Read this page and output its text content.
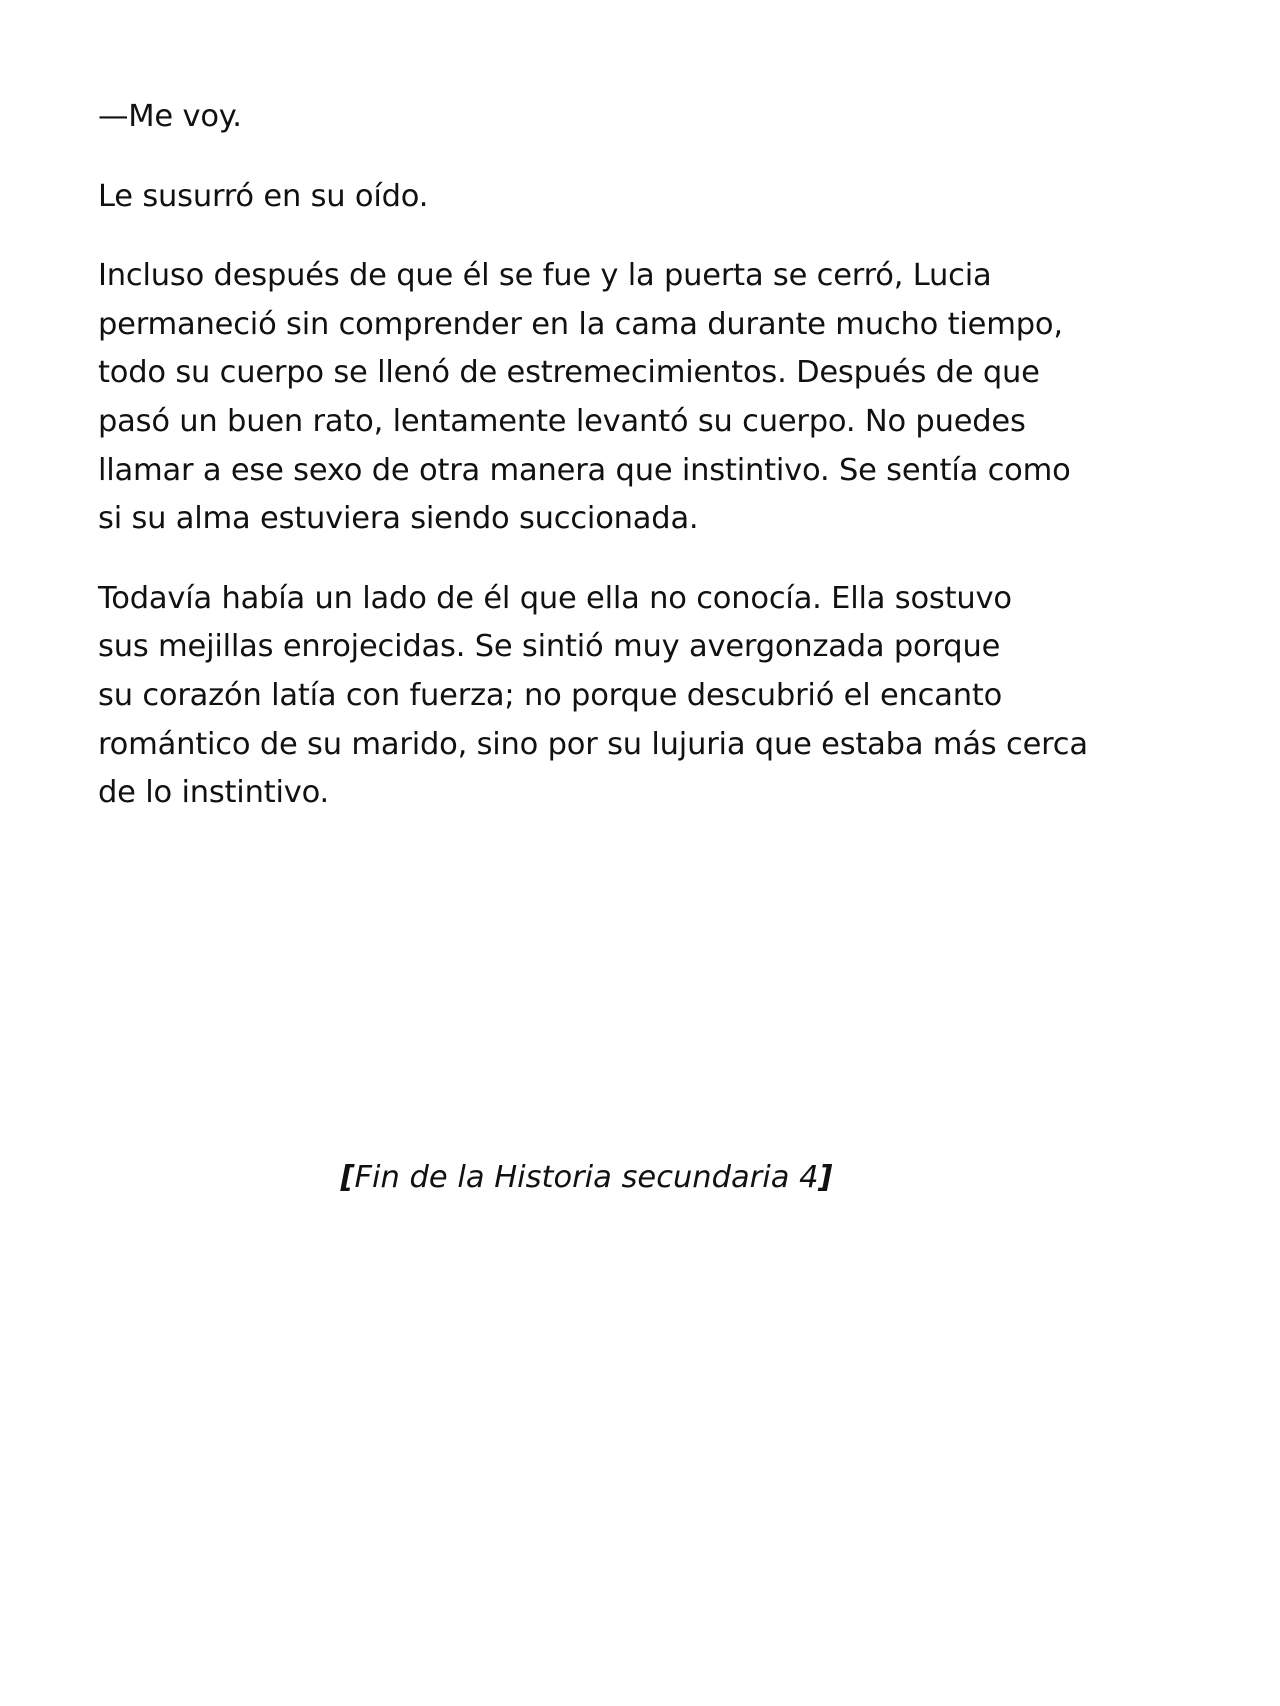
—Me voy.

Le susurró en su oído.

Incluso después de que él se fue y la puerta se cerró, Lucia
permaneció sin comprender en la cama durante mucho tiempo,
todo su cuerpo se llenó de estremecimientos. Después de que
pasó un buen rato, lentamente levantó su cuerpo. No puedes
llamar a ese sexo de otra manera que instintivo. Se sentía como
si su alma estuviera siendo succionada.

Todavía había un lado de él que ella no conocía. Ella sostuvo
sus mejillas enrojecidas. Se sintió muy avergonzada porque
su corazón latía con fuerza; no porque descubrió el encanto
romántico de su marido, sino por su lujuria que estaba más cerca
de lo instintivo.

[Fin de la Historia secundaria 4]
